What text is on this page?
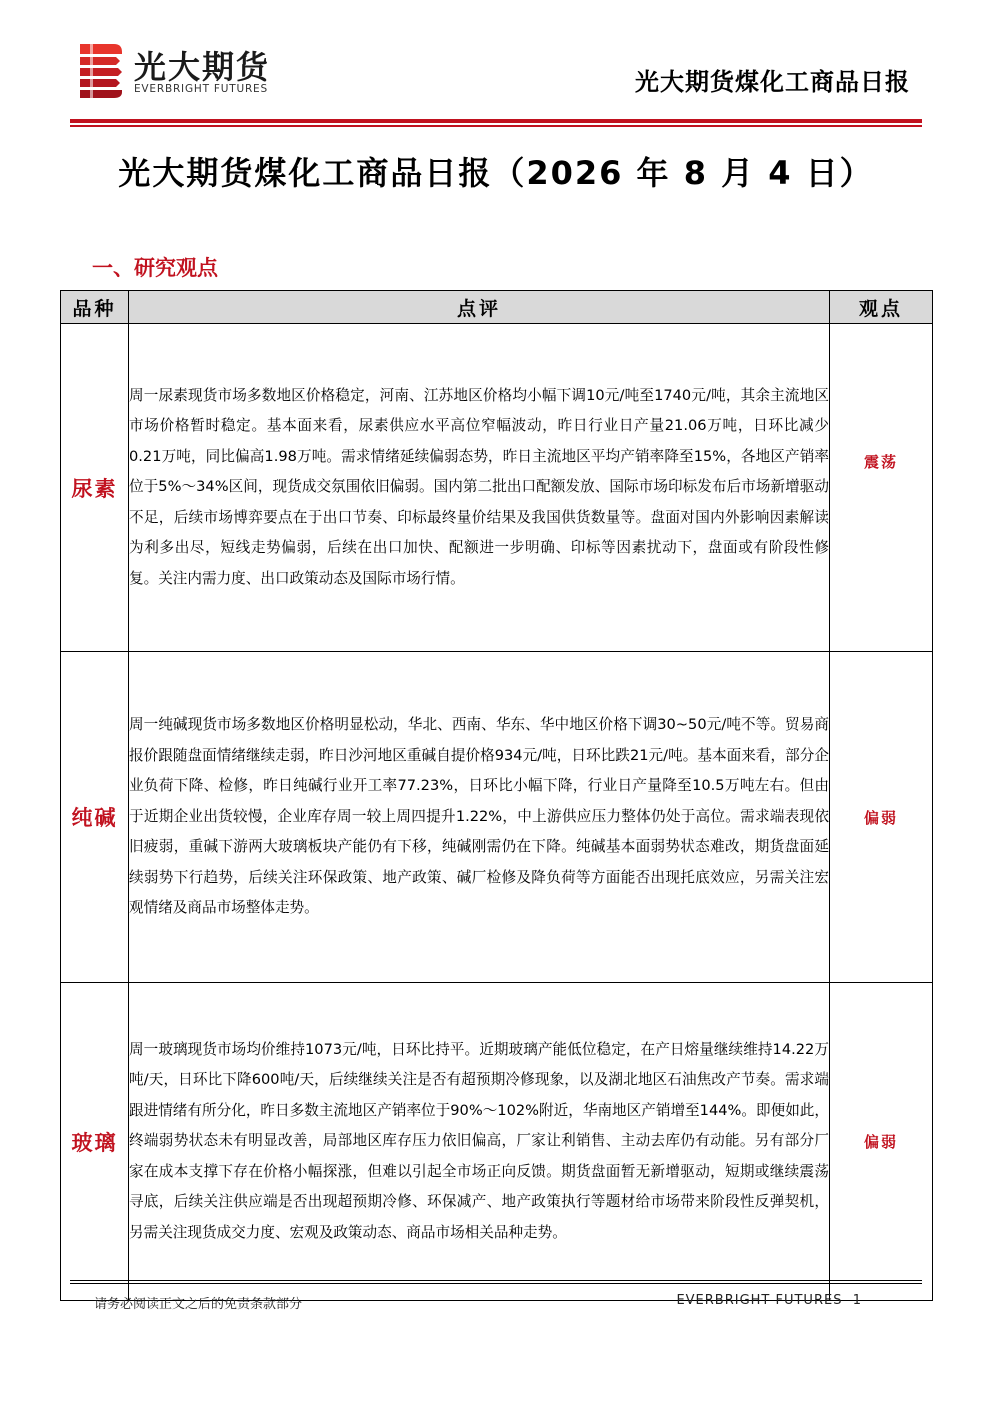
光大期货
EVERBRIGHT FUTURES	光大期货煤化工商品日报
光大期货煤化工商品日报（2026 年 8 月 4 日）
一、研究观点
品种	点评	观点
尿素	周一尿素现货市场多数地区价格稳定，河南、江苏地区价格均小幅下调10元/吨至1740元/吨，其余主流地区市场价格暂时稳定。基本面来看，尿素供应水平高位窄幅波动，昨日行业日产量21.06万吨，日环比减少0.21万吨，同比偏高1.98万吨。需求情绪延续偏弱态势，昨日主流地区平均产销率降至15%，各地区产销率位于5%～34%区间，现货成交氛围依旧偏弱。国内第二批出口配额发放、国际市场印标发布后市场新增驱动不足，后续市场博弈要点在于出口节奏、印标最终量价结果及我国供货数量等。盘面对国内外影响因素解读为利多出尽，短线走势偏弱，后续在出口加快、配额进一步明确、印标等因素扰动下，盘面或有阶段性修复。关注内需力度、出口政策动态及国际市场行情。	震荡
纯碱	周一纯碱现货市场多数地区价格明显松动，华北、西南、华东、华中地区价格下调30~50元/吨不等。贸易商报价跟随盘面情绪继续走弱，昨日沙河地区重碱自提价格934元/吨，日环比跌21元/吨。基本面来看，部分企业负荷下降、检修，昨日纯碱行业开工率77.23%，日环比小幅下降，行业日产量降至10.5万吨左右。但由于近期企业出货较慢，企业库存周一较上周四提升1.22%，中上游供应压力整体仍处于高位。需求端表现依旧疲弱，重碱下游两大玻璃板块产能仍有下移，纯碱刚需仍在下降。纯碱基本面弱势状态难改，期货盘面延续弱势下行趋势，后续关注环保政策、地产政策、碱厂检修及降负荷等方面能否出现托底效应，另需关注宏观情绪及商品市场整体走势。	偏弱
玻璃	周一玻璃现货市场均价维持1073元/吨，日环比持平。近期玻璃产能低位稳定，在产日熔量继续维持14.22万吨/天，日环比下降600吨/天，后续继续关注是否有超预期冷修现象，以及湖北地区石油焦改产节奏。需求端跟进情绪有所分化，昨日多数主流地区产销率位于90%～102%附近，华南地区产销增至144%。即便如此，终端弱势状态未有明显改善，局部地区库存压力依旧偏高，厂家让利销售、主动去库仍有动能。另有部分厂家在成本支撑下存在价格小幅探涨，但难以引起全市场正向反馈。期货盘面暂无新增驱动，短期或继续震荡寻底，后续关注供应端是否出现超预期冷修、环保减产、地产政策执行等题材给市场带来阶段性反弹契机，另需关注现货成交力度、宏观及政策动态、商品市场相关品种走势。	偏弱
请务必阅读正文之后的免责条款部分	EVERBRIGHT FUTURES 1
